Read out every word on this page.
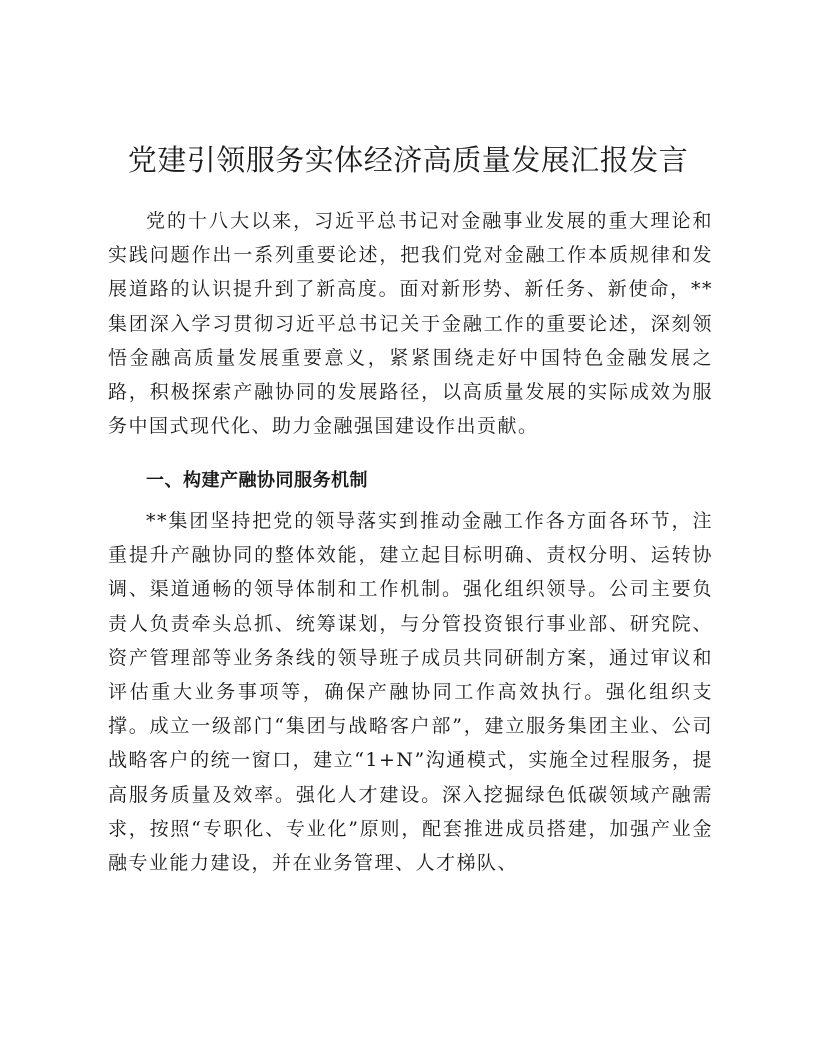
党建引领服务实体经济高质量发展汇报发言

党的十八大以来，习近平总书记对金融事业发展的重大理论和实践问题作出一系列重要论述，把我们党对金融工作本质规律和发展道路的认识提升到了新高度。面对新形势、新任务、新使命，**集团深入学习贯彻习近平总书记关于金融工作的重要论述，深刻领悟金融高质量发展重要意义，紧紧围绕走好中国特色金融发展之路，积极探索产融协同的发展路径，以高质量发展的实际成效为服务中国式现代化、助力金融强国建设作出贡献。

一、构建产融协同服务机制

**集团坚持把党的领导落实到推动金融工作各方面各环节，注重提升产融协同的整体效能，建立起目标明确、责权分明、运转协调、渠道通畅的领导体制和工作机制。强化组织领导。公司主要负责人负责牵头总抓、统筹谋划，与分管投资银行事业部、研究院、资产管理部等业务条线的领导班子成员共同研制方案，通过审议和评估重大业务事项等，确保产融协同工作高效执行。强化组织支撑。成立一级部门“集团与战略客户部”，建立服务集团主业、公司战略客户的统一窗口，建立“1+N”沟通模式，实施全过程服务，提高服务质量及效率。强化人才建设。深入挖掘绿色低碳领域产融需求，按照“专职化、专业化”原则，配套推进成员搭建，加强产业金融专业能力建设，并在业务管理、人才梯队、
